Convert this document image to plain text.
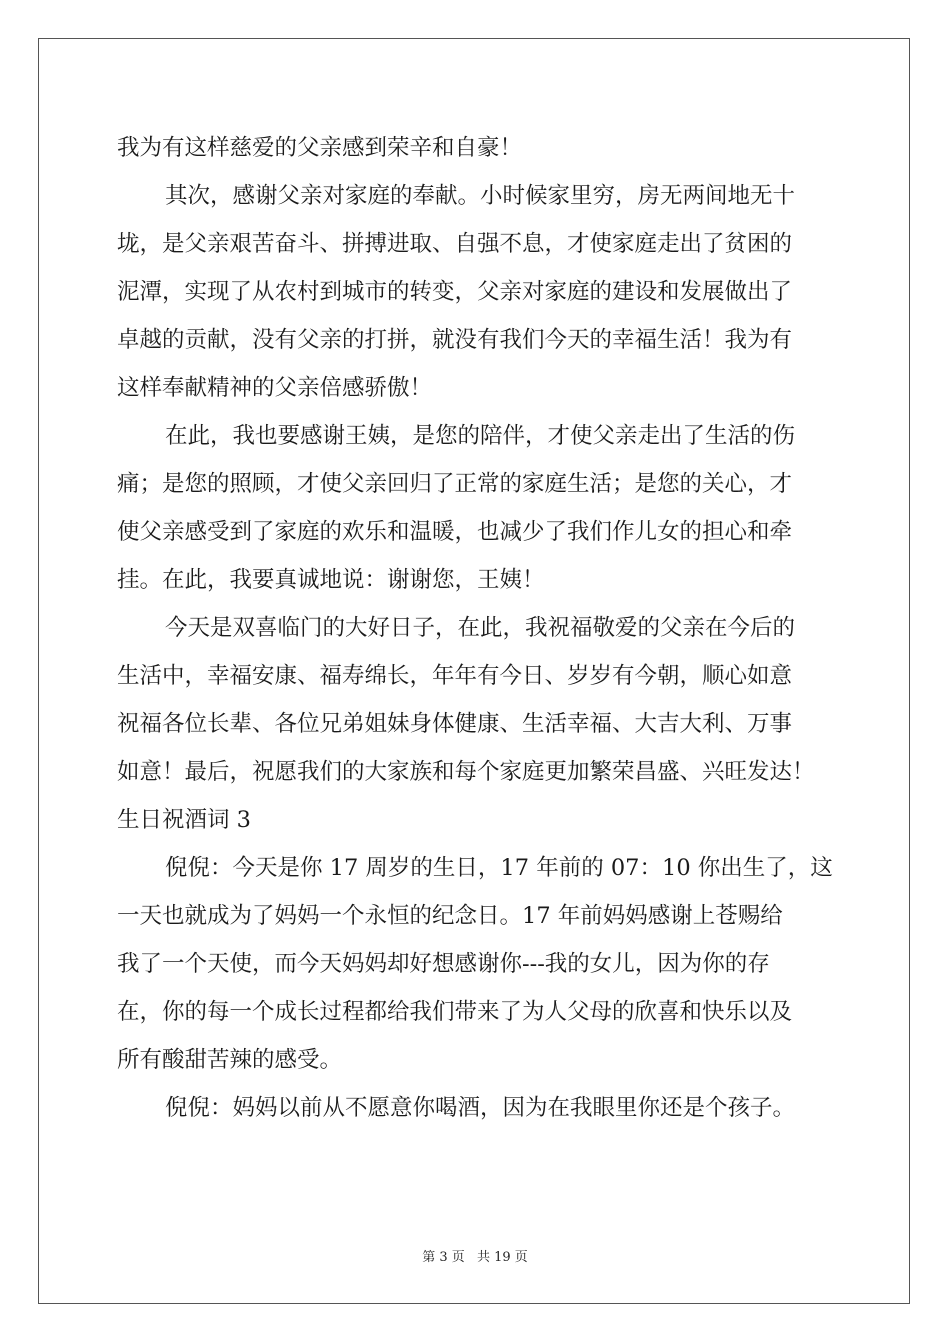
我为有这样慈爱的父亲感到荣辛和自豪！
其次，感谢父亲对家庭的奉献。小时候家里穷，房无两间地无十
垅，是父亲艰苦奋斗、拼搏进取、自强不息，才使家庭走出了贫困的
泥潭，实现了从农村到城市的转变，父亲对家庭的建设和发展做出了
卓越的贡献，没有父亲的打拼，就没有我们今天的幸福生活！我为有
这样奉献精神的父亲倍感骄傲！
在此，我也要感谢王姨，是您的陪伴，才使父亲走出了生活的伤
痛；是您的照顾，才使父亲回归了正常的家庭生活；是您的关心，才
使父亲感受到了家庭的欢乐和温暖，也减少了我们作儿女的担心和牵
挂。在此，我要真诚地说：谢谢您，王姨！
今天是双喜临门的大好日子，在此，我祝福敬爱的父亲在今后的
生活中，幸福安康、福寿绵长，年年有今日、岁岁有今朝，顺心如意
祝福各位长辈、各位兄弟姐妹身体健康、生活幸福、大吉大利、万事
如意！最后，祝愿我们的大家族和每个家庭更加繁荣昌盛、兴旺发达！
生日祝酒词 3
倪倪：今天是你 17 周岁的生日，17 年前的 07：10 你出生了，这
一天也就成为了妈妈一个永恒的纪念日。17 年前妈妈感谢上苍赐给
我了一个天使，而今天妈妈却好想感谢你---我的女儿，因为你的存
在，你的每一个成长过程都给我们带来了为人父母的欣喜和快乐以及
所有酸甜苦辣的感受。
倪倪：妈妈以前从不愿意你喝酒，因为在我眼里你还是个孩子。
第 3 页 共 19 页
